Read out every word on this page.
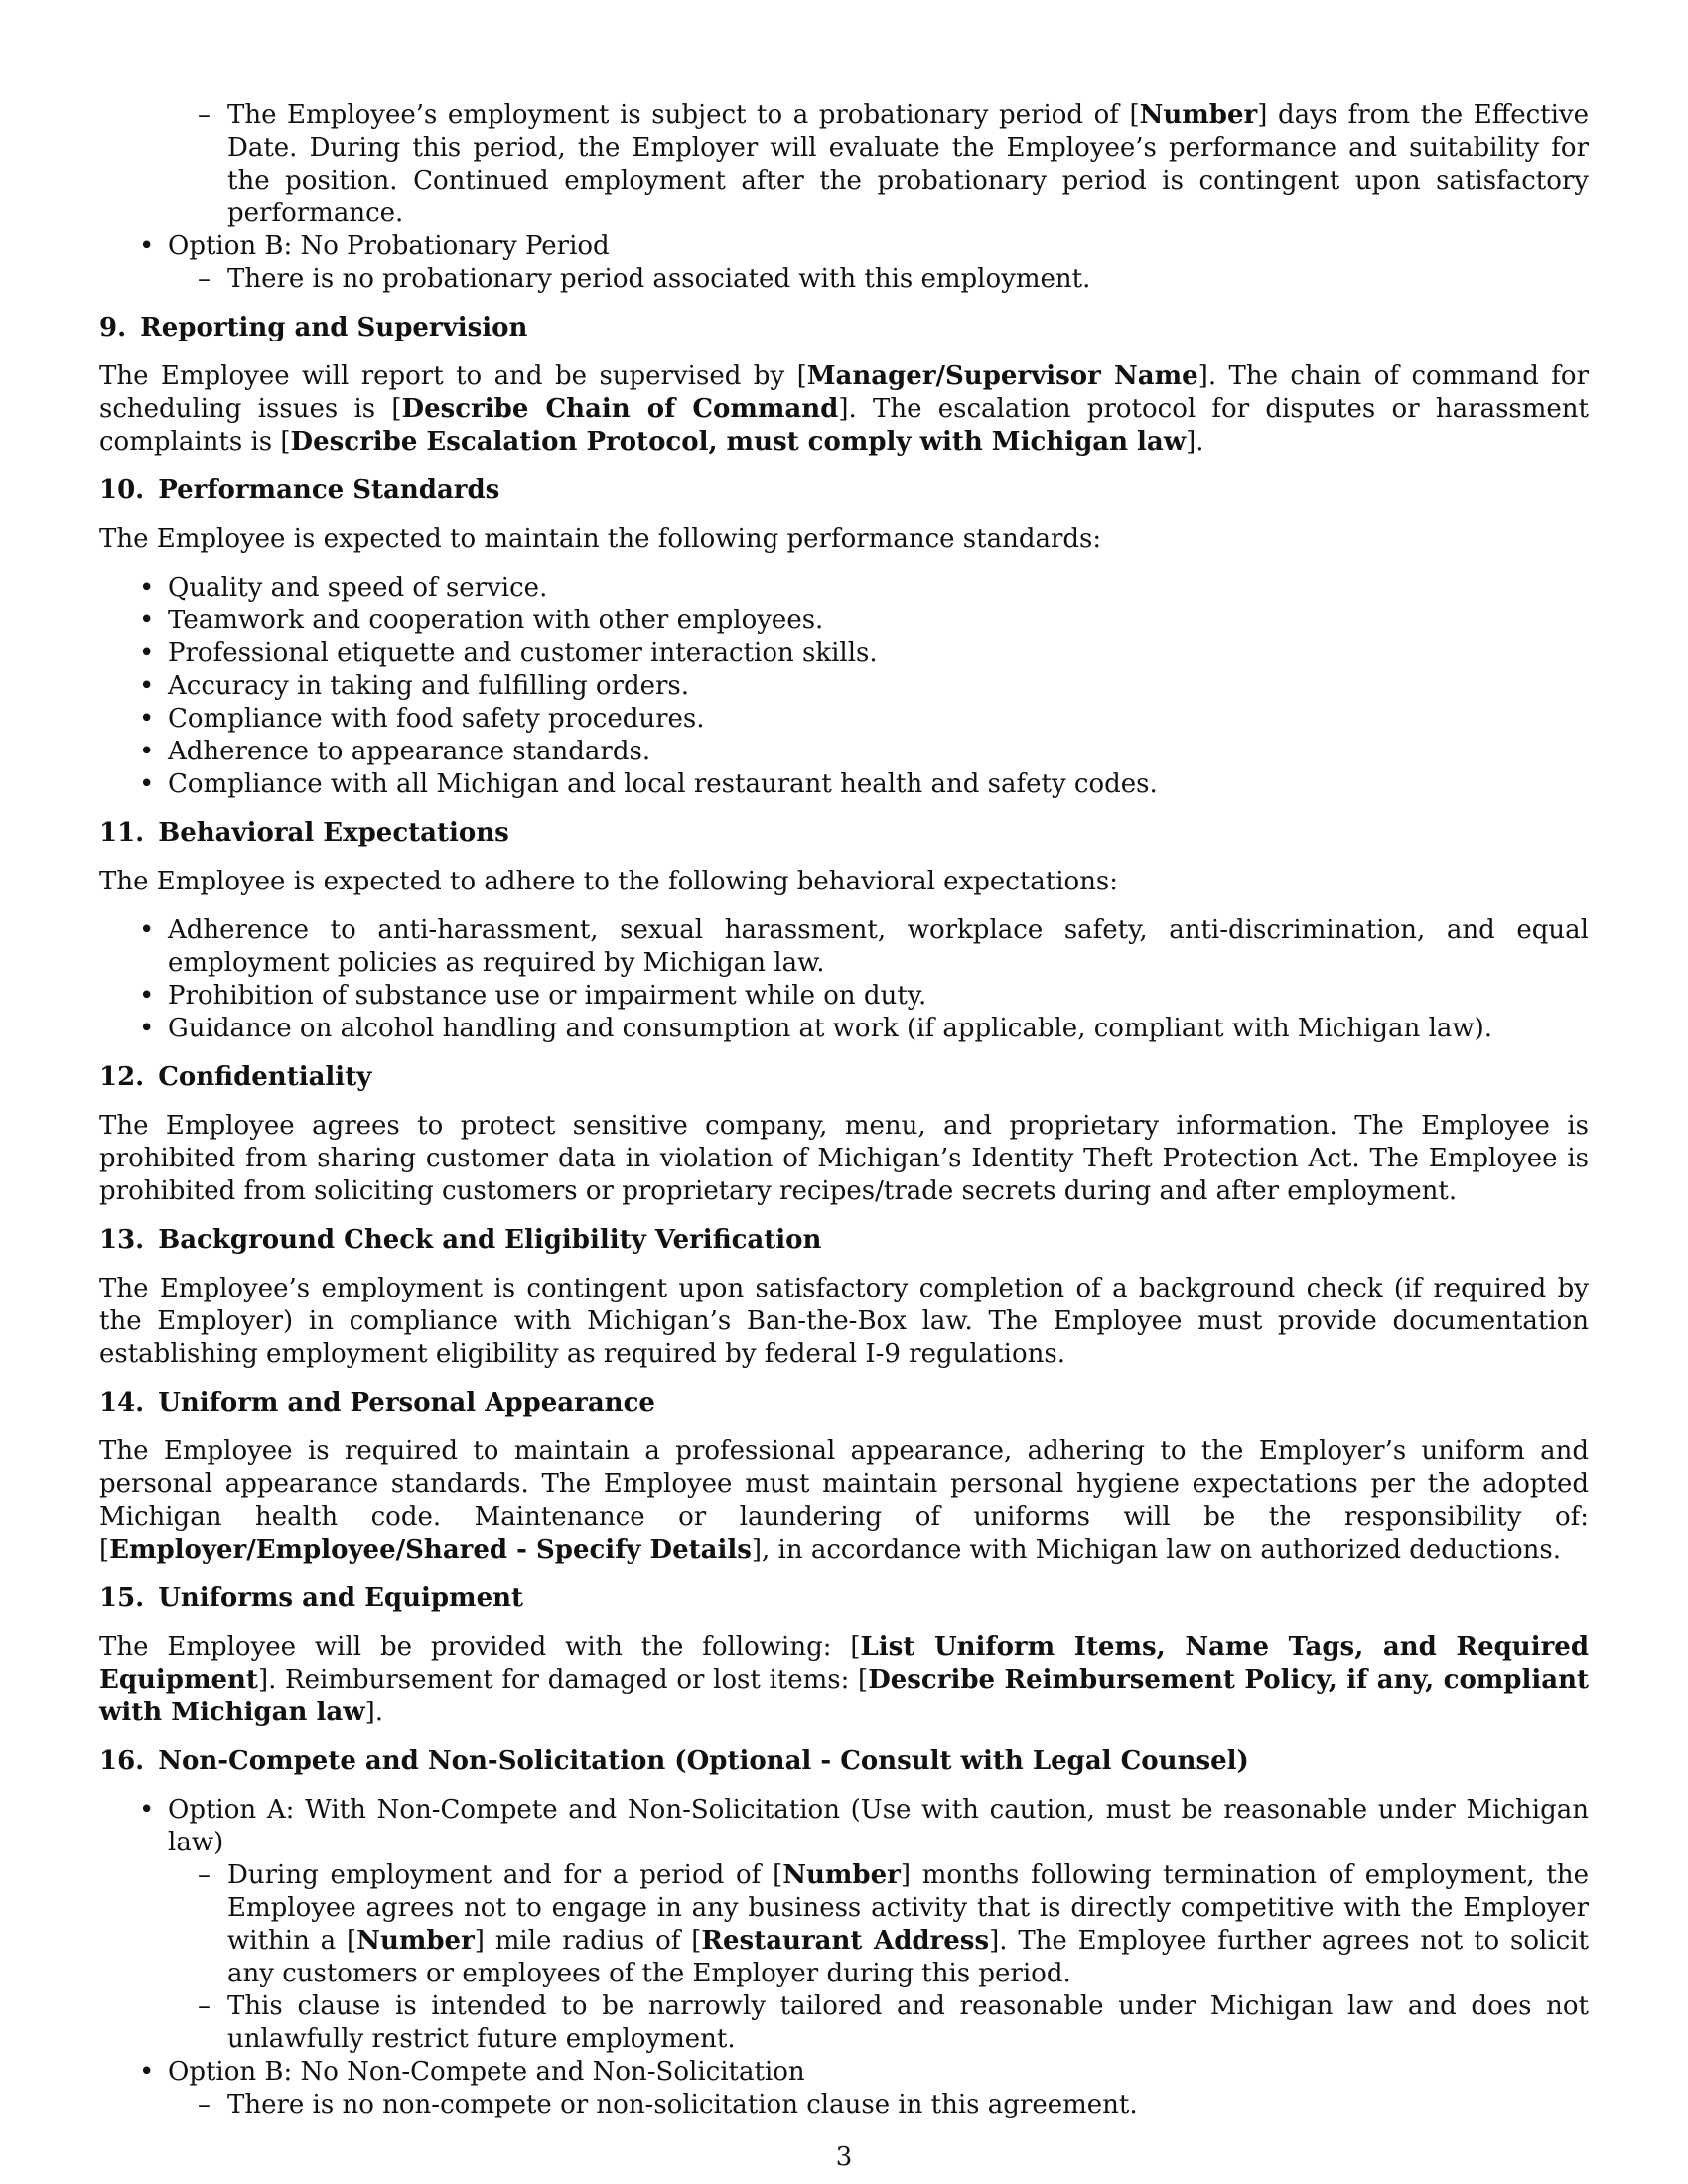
– The Employee’s employment is subject to a probationary period of [Number] days from the Effective Date. During this period, the Employer will evaluate the Employee’s performance and suitability for the position. Continued employment after the probationary period is contingent upon satisfactory performance.
• Option B: No Probationary Period
– There is no probationary period associated with this employment.
9. Reporting and Supervision

The Employee will report to and be supervised by [Manager/Supervisor Name]. The chain of command for scheduling issues is [Describe Chain of Command]. The escalation protocol for disputes or harassment complaints is [Describe Escalation Protocol, must comply with Michigan law].

10. Performance Standards

The Employee is expected to maintain the following performance standards:

• Quality and speed of service.
• Teamwork and cooperation with other employees.
• Professional etiquette and customer interaction skills.
• Accuracy in taking and fulfilling orders.
• Compliance with food safety procedures.
• Adherence to appearance standards.
• Compliance with all Michigan and local restaurant health and safety codes.
11. Behavioral Expectations

The Employee is expected to adhere to the following behavioral expectations:

• Adherence to anti-harassment, sexual harassment, workplace safety, anti-discrimination, and equal employment policies as required by Michigan law.
• Prohibition of substance use or impairment while on duty.
• Guidance on alcohol handling and consumption at work (if applicable, compliant with Michigan law).
12. Confidentiality

The Employee agrees to protect sensitive company, menu, and proprietary information. The Employee is prohibited from sharing customer data in violation of Michigan’s Identity Theft Protection Act. The Employee is prohibited from soliciting customers or proprietary recipes/trade secrets during and after employment.

13. Background Check and Eligibility Verification

The Employee’s employment is contingent upon satisfactory completion of a background check (if required by the Employer) in compliance with Michigan’s Ban-the-Box law. The Employee must provide documentation establishing employment eligibility as required by federal I-9 regulations.

14. Uniform and Personal Appearance

The Employee is required to maintain a professional appearance, adhering to the Employer’s uniform and personal appearance standards. The Employee must maintain personal hygiene expectations per the adopted Michigan health code. Maintenance or laundering of uniforms will be the responsibility of: [Employer/Employee/Shared - Specify Details], in accordance with Michigan law on authorized deductions.

15. Uniforms and Equipment

The Employee will be provided with the following: [List Uniform Items, Name Tags, and Required Equipment]. Reimbursement for damaged or lost items: [Describe Reimbursement Policy, if any, compliant with Michigan law].

16. Non-Compete and Non-Solicitation (Optional - Consult with Legal Counsel)
• Option A: With Non-Compete and Non-Solicitation (Use with caution, must be reasonable under Michigan law)
– During employment and for a period of [Number] months following termination of employment, the Employee agrees not to engage in any business activity that is directly competitive with the Employer within a [Number] mile radius of [Restaurant Address]. The Employee further agrees not to solicit any customers or employees of the Employer during this period.
– This clause is intended to be narrowly tailored and reasonable under Michigan law and does not unlawfully restrict future employment.
• Option B: No Non-Compete and Non-Solicitation
– There is no non-compete or non-solicitation clause in this agreement.
3
